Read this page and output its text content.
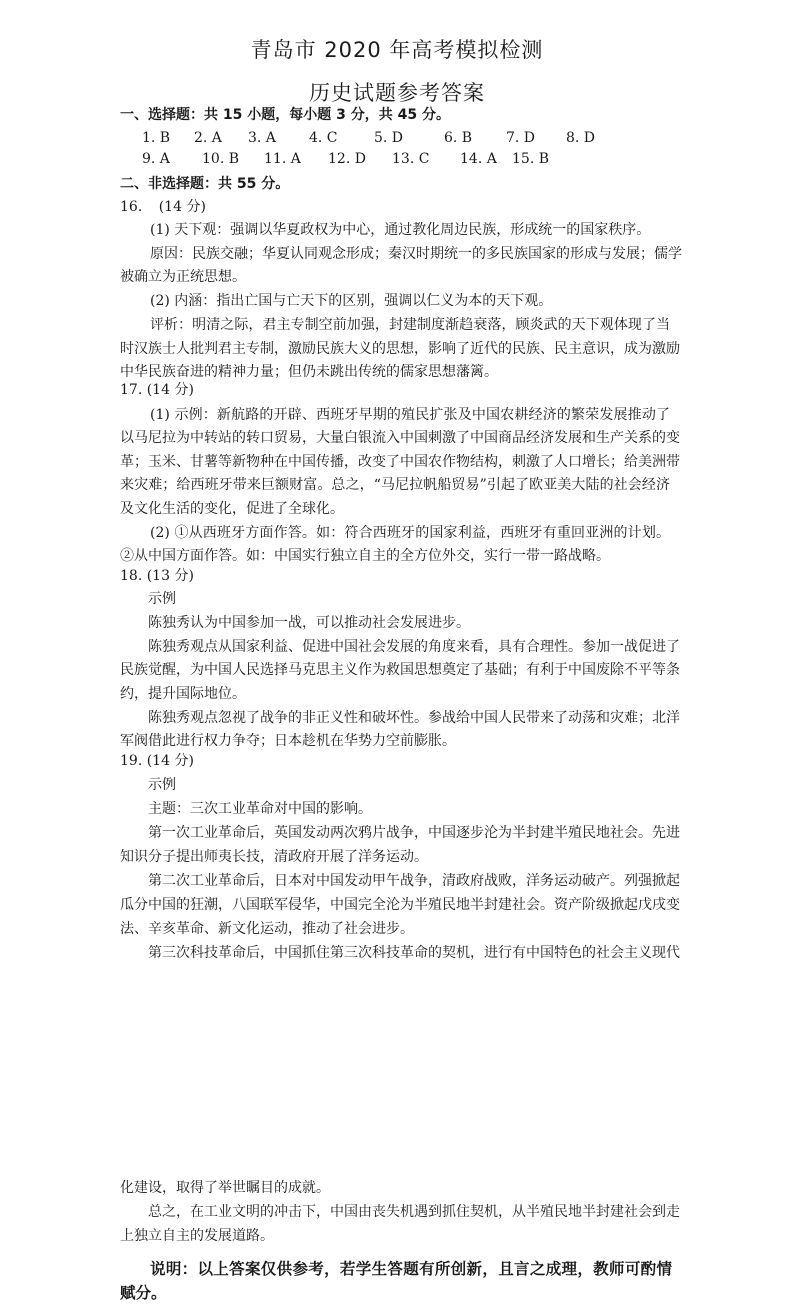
青岛市 2020 年高考模拟检测
历史试题参考答案
一、选择题：共 15 小题，每小题 3 分，共 45 分。
1. B 2. A 3. A 4. C	5. D	6. B 7. D 8. D
9. A 10. B 11. A 12. D 13. C 14. A 15. B
二、非选择题：共 55 分。
16. (14 分)
(1) 天下观：强调以华夏政权为中心，通过教化周边民族，形成统一的国家秩序。
原因：民族交融；华夏认同观念形成；秦汉时期统一的多民族国家的形成与发展；儒学
被确立为正统思想。
(2) 内涵：指出亡国与亡天下的区别，强调以仁义为本的天下观。
评析：明清之际，君主专制空前加强，封建制度渐趋衰落，顾炎武的天下观体现了当
时汉族士人批判君主专制，激励民族大义的思想，影响了近代的民族、民主意识，成为激励
中华民族奋进的精神力量；但仍未跳出传统的儒家思想藩篱。
17. (14 分)
(1) 示例：新航路的开辟、西班牙早期的殖民扩张及中国农耕经济的繁荣发展推动了
以马尼拉为中转站的转口贸易，大量白银流入中国刺激了中国商品经济发展和生产关系的变
革；玉米、甘薯等新物种在中国传播，改变了中国农作物结构，刺激了人口增长；给美洲带
来灾难；给西班牙带来巨额财富。总之，“马尼拉帆船贸易”引起了欧亚美大陆的社会经济
及文化生活的变化，促进了全球化。
(2) ①从西班牙方面作答。如：符合西班牙的国家利益，西班牙有重回亚洲的计划。
②从中国方面作答。如：中国实行独立自主的全方位外交，实行一带一路战略。
18. (13 分)
示例
陈独秀认为中国参加一战，可以推动社会发展进步。
陈独秀观点从国家利益、促进中国社会发展的角度来看，具有合理性。参加一战促进了
民族觉醒，为中国人民选择马克思主义作为救国思想奠定了基础；有利于中国废除不平等条
约，提升国际地位。
陈独秀观点忽视了战争的非正义性和破坏性。参战给中国人民带来了动荡和灾难；北洋
军阀借此进行权力争夺；日本趁机在华势力空前膨胀。
19. (14 分)
示例
主题：三次工业革命对中国的影响。
第一次工业革命后，英国发动两次鸦片战争，中国逐步沦为半封建半殖民地社会。先进
知识分子提出师夷长技，清政府开展了洋务运动。
第二次工业革命后，日本对中国发动甲午战争，清政府战败，洋务运动破产。列强掀起
瓜分中国的狂潮，八国联军侵华，中国完全沦为半殖民地半封建社会。资产阶级掀起戊戌变
法、辛亥革命、新文化运动，推动了社会进步。
第三次科技革命后，中国抓住第三次科技革命的契机，进行有中国特色的社会主义现代
化建设，取得了举世瞩目的成就。
总之，在工业文明的冲击下，中国由丧失机遇到抓住契机，从半殖民地半封建社会到走
上独立自主的发展道路。
说明：以上答案仅供参考，若学生答题有所创新，且言之成理，教师可酌情
赋分。
